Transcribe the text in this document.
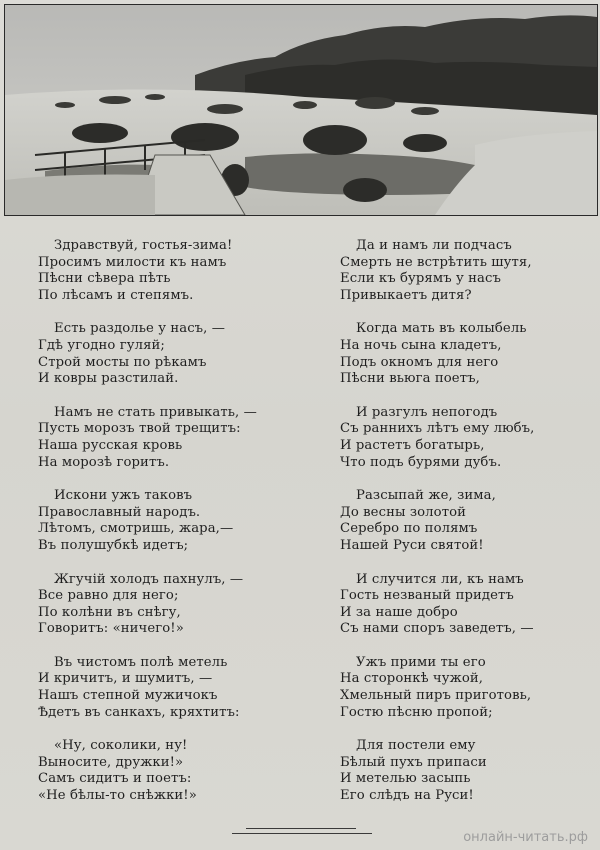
Здравствуй, гостья-зима!
Просимъ милости къ намъ
Пѣсни сѣвера пѣть
По лѣсамъ и степямъ.
Есть раздолье у насъ, —
Гдѣ угодно гуляй;
Строй мосты по рѣкамъ
И ковры разстилай.
Намъ не стать привыкать, —
Пусть морозъ твой трещитъ:
Наша русская кровь
На морозѣ горитъ.
Искони ужъ таковъ
Православный народъ.
Лѣтомъ, смотришь, жара,—
Въ полушубкѣ идетъ;
Жгучій холодъ пахнулъ, —
Все равно для него;
По колѣни въ снѣгу,
Говоритъ: «ничего!»
Въ чистомъ полѣ метель
И кричитъ, и шумитъ, —
Нашъ степной мужичокъ
Ѣдетъ въ санкахъ, кряхтитъ:
«Ну, соколики, ну!
Выносите, дружки!»
Самъ сидитъ и поетъ:
«Не бѣлы-то снѣжки!»
Да и намъ ли подчасъ
Смерть не встрѣтить шутя,
Если къ бурямъ у насъ
Привыкаетъ дитя?
Когда мать въ колыбель
На ночь сына кладетъ,
Подъ окномъ для него
Пѣсни вьюга поетъ,
И разгулъ непогодъ
Съ раннихъ лѣтъ ему любъ,
И растетъ богатырь,
Что подъ бурями дубъ.
Разсыпай же, зима,
До весны золотой
Серебро по полямъ
Нашей Руси святой!
И случится ли, къ намъ
Гость незваный придетъ
И за наше добро
Съ нами споръ заведетъ, —
Ужъ прими ты его
На сторонкѣ чужой,
Хмельный пиръ приготовь,
Гостю пѣсню пропой;
Для постели ему
Бѣлый пухъ припаси
И метелью засыпь
Его слѣдъ на Руси!
онлайн-читать.рф
